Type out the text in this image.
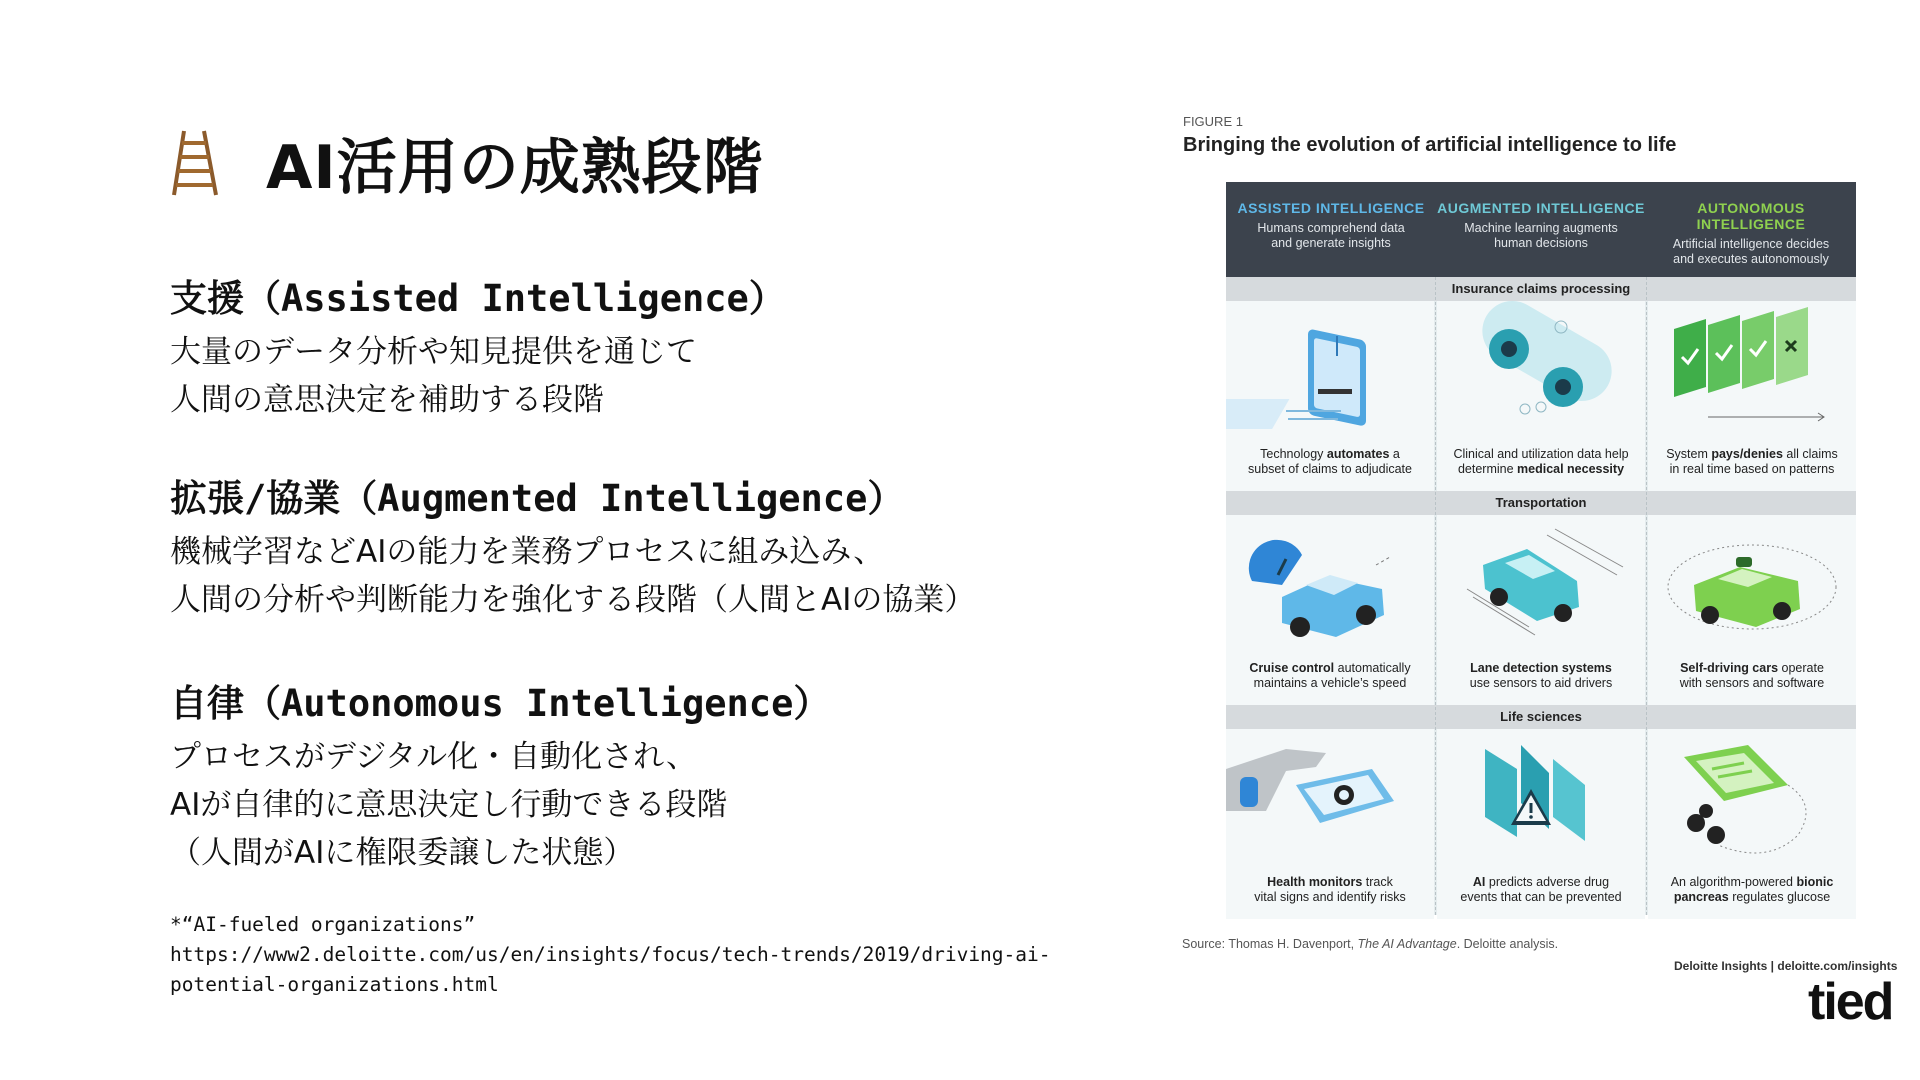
AI活用の成熟段階
支援（Assisted Intelligence）
大量のデータ分析や知見提供を通じて
人間の意思決定を補助する段階
拡張/協業（Augmented Intelligence）
機械学習などAIの能力を業務プロセスに組み込み、
人間の分析や判断能力を強化する段階（人間とAIの協業）
自律（Autonomous Intelligence）
プロセスがデジタル化・自動化され、
AIが自律的に意思決定し行動できる段階
（人間がAIに権限委譲した状態）
*“AI-fueled organizations”
https://www2.deloitte.com/us/en/insights/focus/tech-trends/2019/driving-ai-
potential-organizations.html
FIGURE 1
Bringing the evolution of artificial intelligence to life
ASSISTED INTELLIGENCE
Humans comprehend data
and generate insights
AUGMENTED INTELLIGENCE
Machine learning augments
human decisions
AUTONOMOUS INTELLIGENCE
Artificial intelligence decides
and executes autonomously
Insurance claims processing
Technology automates a
subset of claims to adjudicate
Clinical and utilization data help
determine medical necessity
System pays/denies all claims
in real time based on patterns
Transportation
Cruise control automatically
maintains a vehicle’s speed
Lane detection systems
use sensors to aid drivers
Self-driving cars operate
with sensors and software
Life sciences
Health monitors track
vital signs and identify risks
AI predicts adverse drug
events that can be prevented
An algorithm-powered bionic
pancreas regulates glucose
Source: Thomas H. Davenport, The AI Advantage. Deloitte analysis.
Deloitte Insights | deloitte.com/insights
tied
